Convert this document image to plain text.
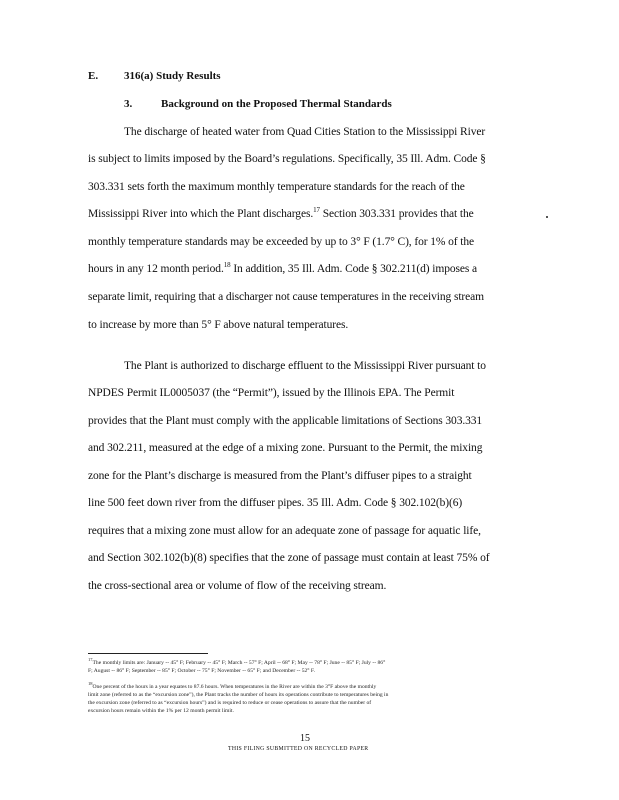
E. 316(a) Study Results
3.	Background on the Proposed Thermal Standards
The discharge of heated water from Quad Cities Station to the Mississippi River
is subject to limits imposed by the Board’s regulations. Specifically, 35 Ill. Adm. Code §
303.331 sets forth the maximum monthly temperature standards for the reach of the
Mississippi River into which the Plant discharges.$^{17}$ Section 303.331 provides that the
monthly temperature standards may be exceeded by up to 3° F (1.7° C), for 1% of the
hours in any 12 month period.$^{18}$ In addition, 35 Ill. Adm. Code § 302.211(d) imposes a
separate limit, requiring that a discharger not cause temperatures in the receiving stream
to increase by more than 5° F above natural temperatures.
The Plant is authorized to discharge effluent to the Mississippi River pursuant to
NPDES Permit IL0005037 (the “Permit”), issued by the Illinois EPA. The Permit
provides that the Plant must comply with the applicable limitations of Sections 303.331
and 302.211, measured at the edge of a mixing zone. Pursuant to the Permit, the mixing
zone for the Plant’s discharge is measured from the Plant’s diffuser pipes to a straight
line 500 feet down river from the diffuser pipes. 35 Ill. Adm. Code § 302.102(b)(6)
requires that a mixing zone must allow for an adequate zone of passage for aquatic life,
and Section 302.102(b)(8) specifies that the zone of passage must contain at least 75% of
the cross-sectional area or volume of flow of the receiving stream.
$^{17}$The monthly limits are: January -- 45° F; February -- 45° F; March -- 57° F; April -- 68° F; May -- 78° F; June -- 85° F; July -- 86°
F; August -- 86° F; September -- 85° F; October -- 75° F; November -- 65° F; and December -- 52° F.
$^{18}$One percent of the hours in a year equates to 87.6 hours. When temperatures in the River are within the 3°F above the monthly
limit zone (referred to as the “excursion zone”), the Plant tracks the number of hours its operations contribute to temperatures being in
the excursion zone (referred to as “excursion hours”) and is required to reduce or cease operations to assure that the number of
excursion hours remain within the 1% per 12 month permit limit.
15
THIS FILING SUBMITTED ON RECYCLED PAPER
